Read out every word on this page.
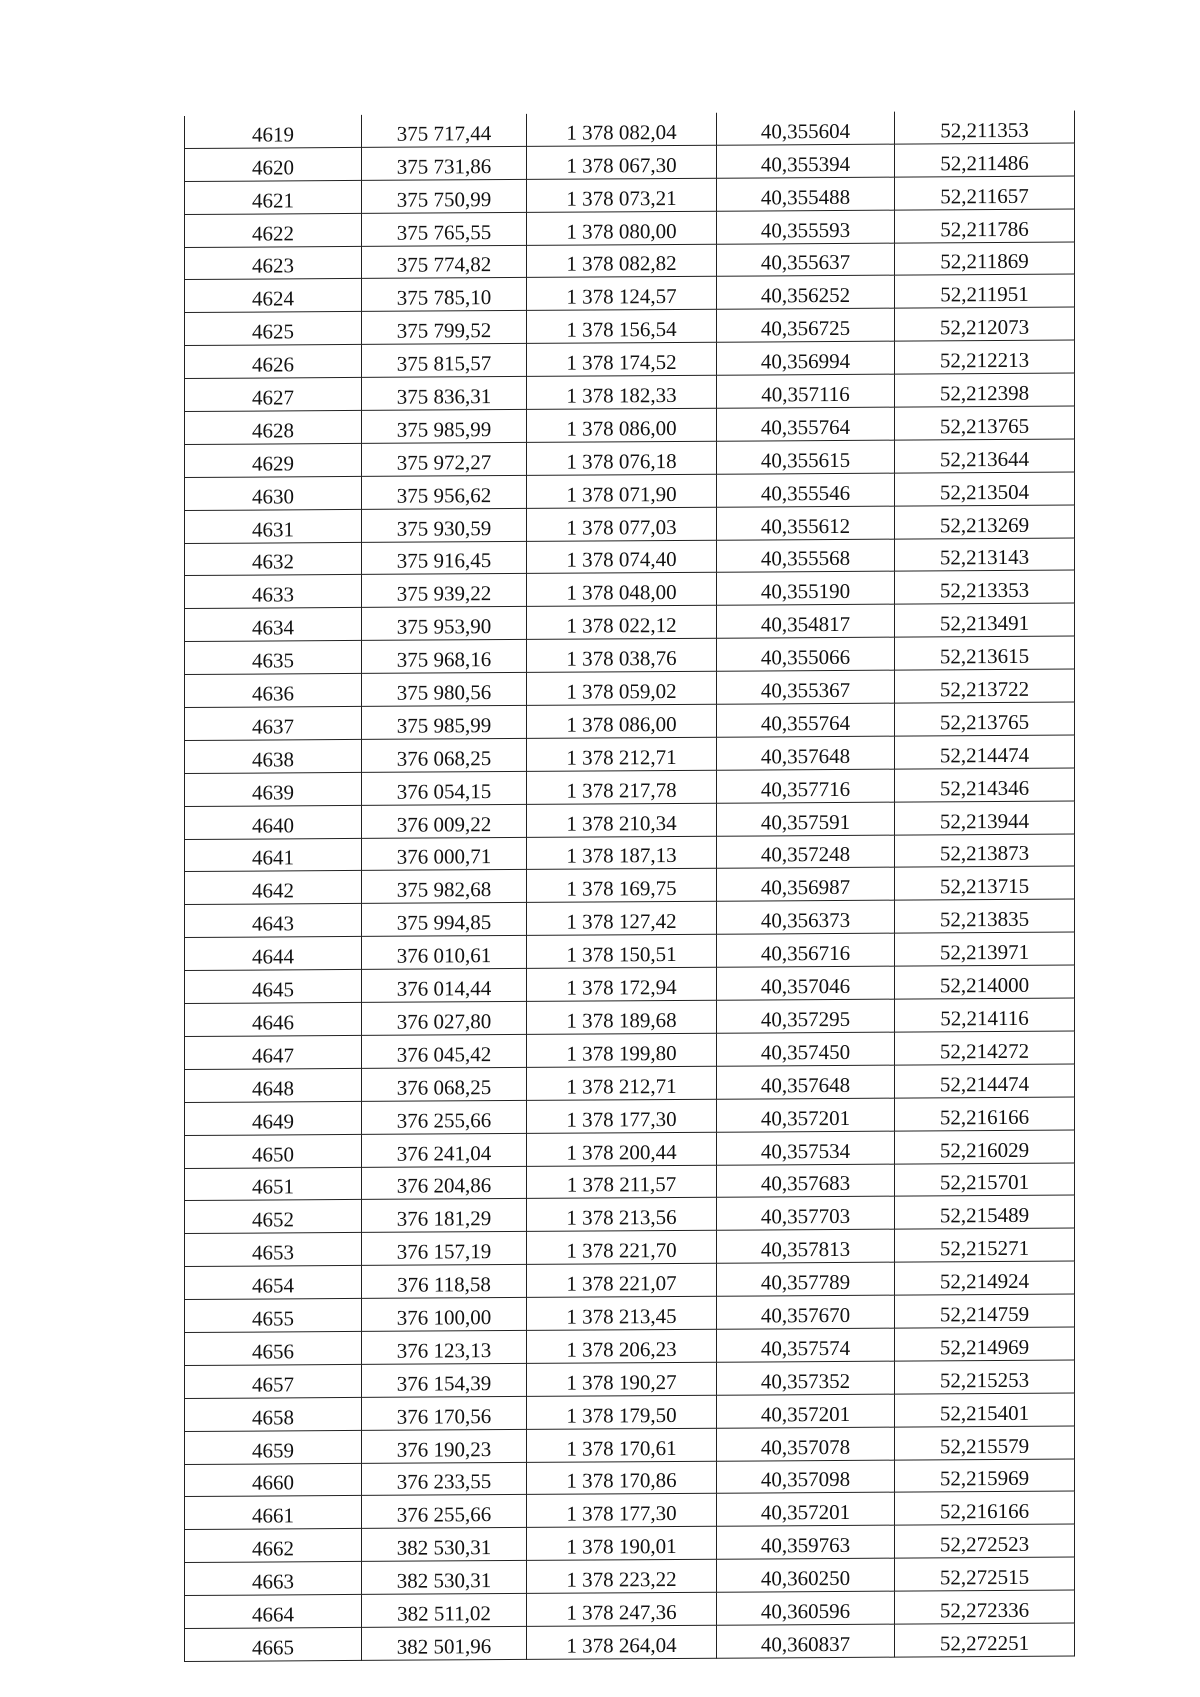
4619	375 717,44	1 378 082,04	40,355604	52,211353
4620	375 731,86	1 378 067,30	40,355394	52,211486
4621	375 750,99	1 378 073,21	40,355488	52,211657
4622	375 765,55	1 378 080,00	40,355593	52,211786
4623	375 774,82	1 378 082,82	40,355637	52,211869
4624	375 785,10	1 378 124,57	40,356252	52,211951
4625	375 799,52	1 378 156,54	40,356725	52,212073
4626	375 815,57	1 378 174,52	40,356994	52,212213
4627	375 836,31	1 378 182,33	40,357116	52,212398
4628	375 985,99	1 378 086,00	40,355764	52,213765
4629	375 972,27	1 378 076,18	40,355615	52,213644
4630	375 956,62	1 378 071,90	40,355546	52,213504
4631	375 930,59	1 378 077,03	40,355612	52,213269
4632	375 916,45	1 378 074,40	40,355568	52,213143
4633	375 939,22	1 378 048,00	40,355190	52,213353
4634	375 953,90	1 378 022,12	40,354817	52,213491
4635	375 968,16	1 378 038,76	40,355066	52,213615
4636	375 980,56	1 378 059,02	40,355367	52,213722
4637	375 985,99	1 378 086,00	40,355764	52,213765
4638	376 068,25	1 378 212,71	40,357648	52,214474
4639	376 054,15	1 378 217,78	40,357716	52,214346
4640	376 009,22	1 378 210,34	40,357591	52,213944
4641	376 000,71	1 378 187,13	40,357248	52,213873
4642	375 982,68	1 378 169,75	40,356987	52,213715
4643	375 994,85	1 378 127,42	40,356373	52,213835
4644	376 010,61	1 378 150,51	40,356716	52,213971
4645	376 014,44	1 378 172,94	40,357046	52,214000
4646	376 027,80	1 378 189,68	40,357295	52,214116
4647	376 045,42	1 378 199,80	40,357450	52,214272
4648	376 068,25	1 378 212,71	40,357648	52,214474
4649	376 255,66	1 378 177,30	40,357201	52,216166
4650	376 241,04	1 378 200,44	40,357534	52,216029
4651	376 204,86	1 378 211,57	40,357683	52,215701
4652	376 181,29	1 378 213,56	40,357703	52,215489
4653	376 157,19	1 378 221,70	40,357813	52,215271
4654	376 118,58	1 378 221,07	40,357789	52,214924
4655	376 100,00	1 378 213,45	40,357670	52,214759
4656	376 123,13	1 378 206,23	40,357574	52,214969
4657	376 154,39	1 378 190,27	40,357352	52,215253
4658	376 170,56	1 378 179,50	40,357201	52,215401
4659	376 190,23	1 378 170,61	40,357078	52,215579
4660	376 233,55	1 378 170,86	40,357098	52,215969
4661	376 255,66	1 378 177,30	40,357201	52,216166
4662	382 530,31	1 378 190,01	40,359763	52,272523
4663	382 530,31	1 378 223,22	40,360250	52,272515
4664	382 511,02	1 378 247,36	40,360596	52,272336
4665	382 501,96	1 378 264,04	40,360837	52,272251
